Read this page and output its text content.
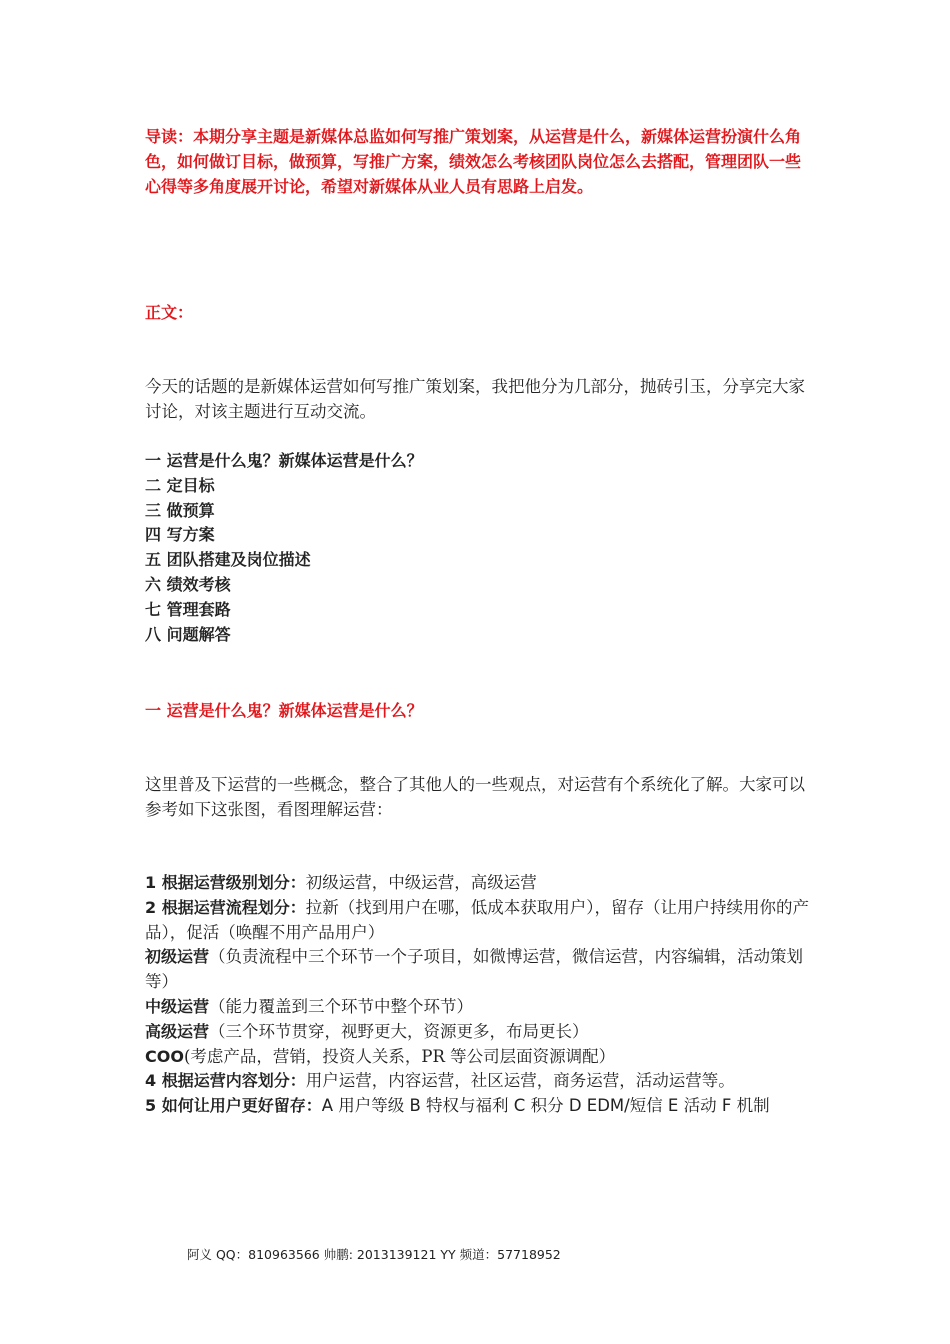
导读：本期分享主题是新媒体总监如何写推广策划案，从运营是什么，新媒体运营扮演什么角色，如何做订目标，做预算，写推广方案，绩效怎么考核团队岗位怎么去搭配，管理团队一些心得等多角度展开讨论，希望对新媒体从业人员有思路上启发。

正文：

今天的话题的是新媒体运营如何写推广策划案，我把他分为几部分，抛砖引玉，分享完大家讨论，对该主题进行互动交流。

一 运营是什么鬼？新媒体运营是什么？
二 定目标
三 做预算
四 写方案
五 团队搭建及岗位描述
六 绩效考核
七 管理套路
八 问题解答

一 运营是什么鬼？新媒体运营是什么？

这里普及下运营的一些概念，整合了其他人的一些观点，对运营有个系统化了解。大家可以参考如下这张图，看图理解运营：

1 根据运营级别划分：初级运营，中级运营，高级运营
2 根据运营流程划分：拉新（找到用户在哪，低成本获取用户），留存（让用户持续用你的产品），促活（唤醒不用产品用户）
初级运营（负责流程中三个环节一个子项目，如微博运营，微信运营，内容编辑，活动策划等）
中级运营（能力覆盖到三个环节中整个环节）
高级运营（三个环节贯穿，视野更大，资源更多，布局更长）
COO(考虑产品，营销，投资人关系，PR 等公司层面资源调配）
4 根据运营内容划分：用户运营，内容运营，社区运营，商务运营，活动运营等。
5 如何让用户更好留存：A 用户等级 B 特权与福利 C 积分 D EDM/短信 E 活动 F 机制
阿义 QQ：810963566 帅鹏: 2013139121 YY 频道：57718952
